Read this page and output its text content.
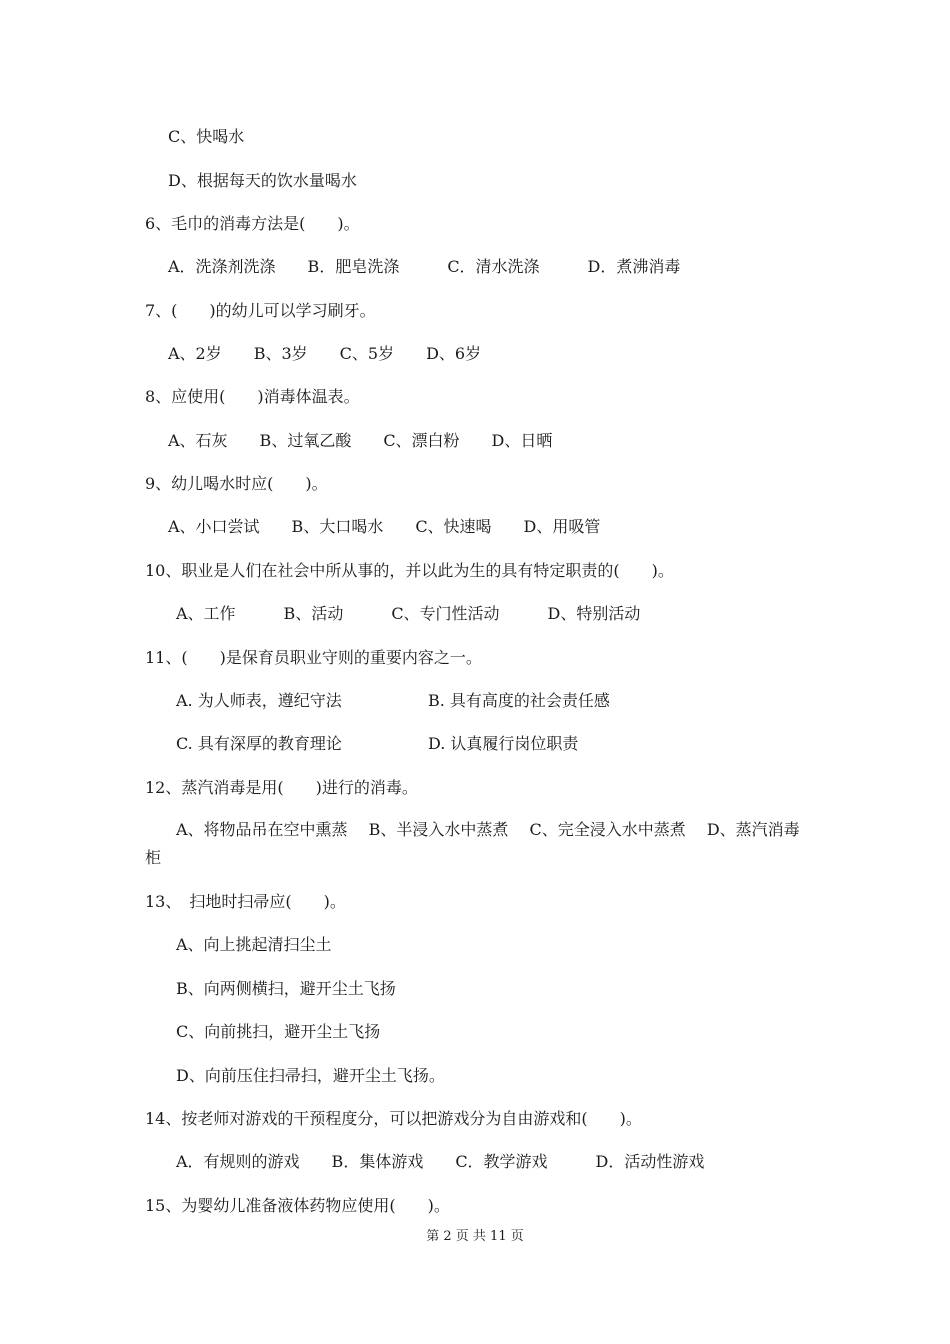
C、快喝水
D、根据每天的饮水量喝水
6、毛巾的消毒方法是(　　)。
A．洗涤剂洗涤　　B．肥皂洗涤　　　C．清水洗涤　　　D．煮沸消毒
7、(　　)的幼儿可以学习刷牙。
A、2岁　　B、3岁　　C、5岁　　D、6岁
8、应使用(　　)消毒体温表。
A、石灰　　B、过氧乙酸　　C、漂白粉　　D、日晒
9、幼儿喝水时应(　　)。
A、小口尝试　　B、大口喝水　　C、快速喝　　D、用吸管
10、职业是人们在社会中所从事的，并以此为生的具有特定职责的(　　)。
A、工作　　　B、活动　　　C、专门性活动　　　D、特别活动
11、(　　)是保育员职业守则的重要内容之一。
A. 为人师表，遵纪守法	B. 具有高度的社会责任感
C. 具有深厚的教育理论	D. 认真履行岗位职责
12、蒸汽消毒是用(　　)进行的消毒。
A、将物品吊在空中熏蒸　 B、半浸入水中蒸煮　 C、完全浸入水中蒸煮　 D、蒸汽消毒柜
13、　扫地时扫帚应(　　)。
A、向上挑起清扫尘土
B、向两侧横扫，避开尘土飞扬
C、向前挑扫，避开尘土飞扬
D、向前压住扫帚扫，避开尘土飞扬。
14、按老师对游戏的干预程度分，可以把游戏分为自由游戏和(　　)。
A．有规则的游戏　　B．集体游戏　　C．教学游戏　　　D．活动性游戏
15、为婴幼儿准备液体药物应使用(　　)。
第 2 页 共 11 页
